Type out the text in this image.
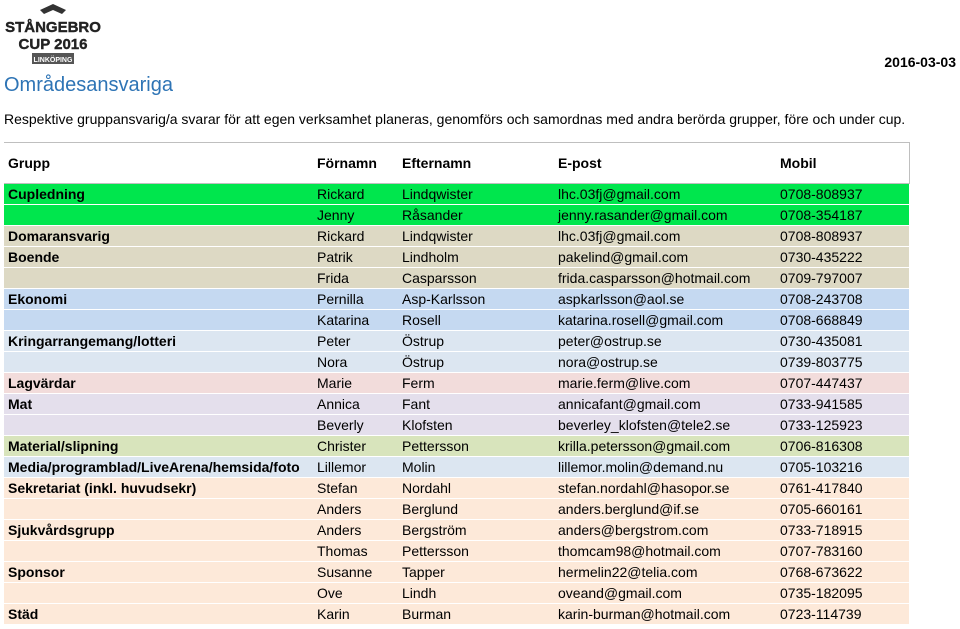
STÅNGEBRO
CUP 2016
LINKÖPING	2016-03-03
Områdesansvariga
Respektive gruppansvarig/a svarar för att egen verksamhet planeras, genomförs och samordnas med andra berörda grupper, före och under cup.
Grupp	Förnamn	Efternamn	E-post	Mobil
Cupledning	Rickard	Lindqwister	lhc.03fj@gmail.com	0708-808937
	Jenny	Råsander	jenny.rasander@gmail.com	0708-354187
Domaransvarig	Rickard	Lindqwister	lhc.03fj@gmail.com	0708-808937
Boende	Patrik	Lindholm	pakelind@gmail.com	0730-435222
	Frida	Casparsson	frida.casparsson@hotmail.com	0709-797007
Ekonomi	Pernilla	Asp-Karlsson	aspkarlsson@aol.se	0708-243708
	Katarina	Rosell	katarina.rosell@gmail.com	0708-668849
Kringarrangemang/lotteri	Peter	Östrup	peter@ostrup.se	0730-435081
	Nora	Östrup	nora@ostrup.se	0739-803775
Lagvärdar	Marie	Ferm	marie.ferm@live.com	0707-447437
Mat	Annica	Fant	annicafant@gmail.com	0733-941585
	Beverly	Klofsten	beverley_klofsten@tele2.se	0733-125923
Material/slipning	Christer	Pettersson	krilla.petersson@gmail.com	0706-816308
Media/programblad/LiveArena/hemsida/foto	Lillemor	Molin	lillemor.molin@demand.nu	0705-103216
Sekretariat (inkl. huvudsekr)	Stefan	Nordahl	stefan.nordahl@hasopor.se	0761-417840
	Anders	Berglund	anders.berglund@if.se	0705-660161
Sjukvårdsgrupp	Anders	Bergström	anders@bergstrom.com	0733-718915
	Thomas	Pettersson	thomcam98@hotmail.com	0707-783160
Sponsor	Susanne	Tapper	hermelin22@telia.com	0768-673622
	Ove	Lindh	oveand@gmail.com	0735-182095
Städ	Karin	Burman	karin-burman@hotmail.com	0723-114739
